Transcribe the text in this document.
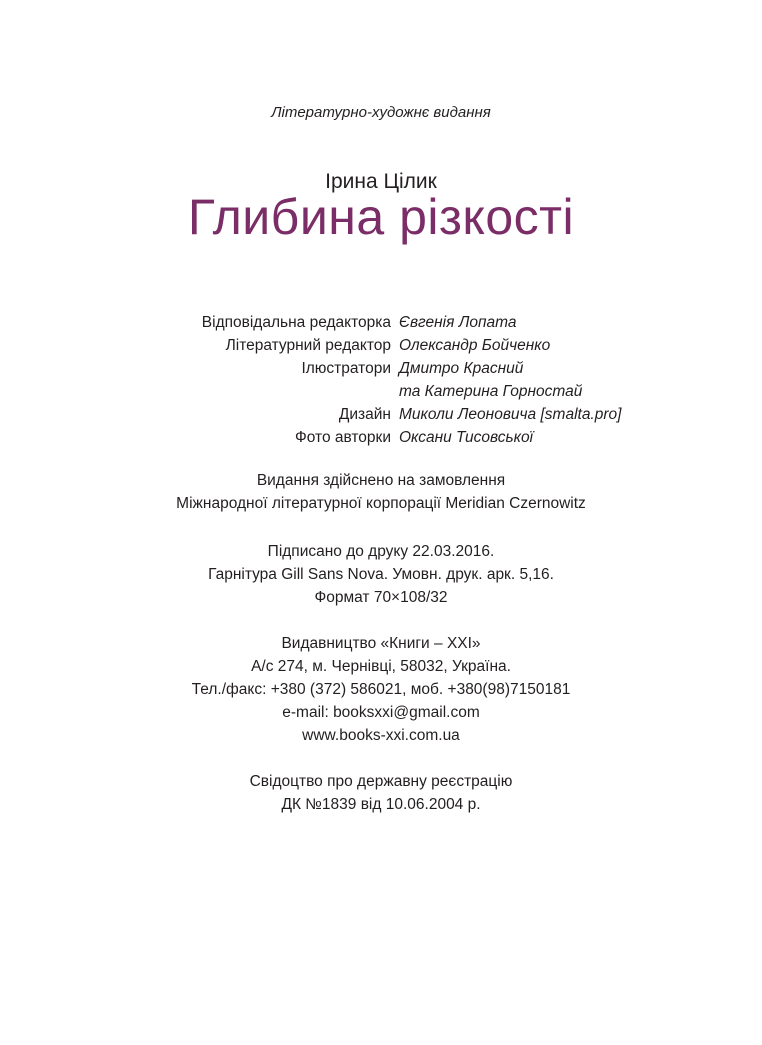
Літературно-художнє видання
Ірина Цілик
Глибина різкості
Відповідальна редакторка Євгенія Лопата
Літературний редактор Олександр Бойченко
Ілюстратори Дмитро Красний
та Катерина Горностай
Дизайн Миколи Леоновича [smalta.pro]
Фото авторки Оксани Тисовської
Видання здійснено на замовлення
Міжнародної літературної корпорації Meridian Czernowitz
Підписано до друку 22.03.2016.
Гарнітура Gill Sans Nova. Умовн. друк. арк. 5,16.
Формат 70×108/32
Видавництво «Книги – ХХІ»
А/с 274, м. Чернівці, 58032, Україна.
Тел./факс: +380 (372) 586021, моб. +380(98)7150181
e-mail: booksxxi@gmail.com
www.books-xxi.com.ua
Свідоцтво про державну реєстрацію
ДК №1839 від 10.06.2004 р.
